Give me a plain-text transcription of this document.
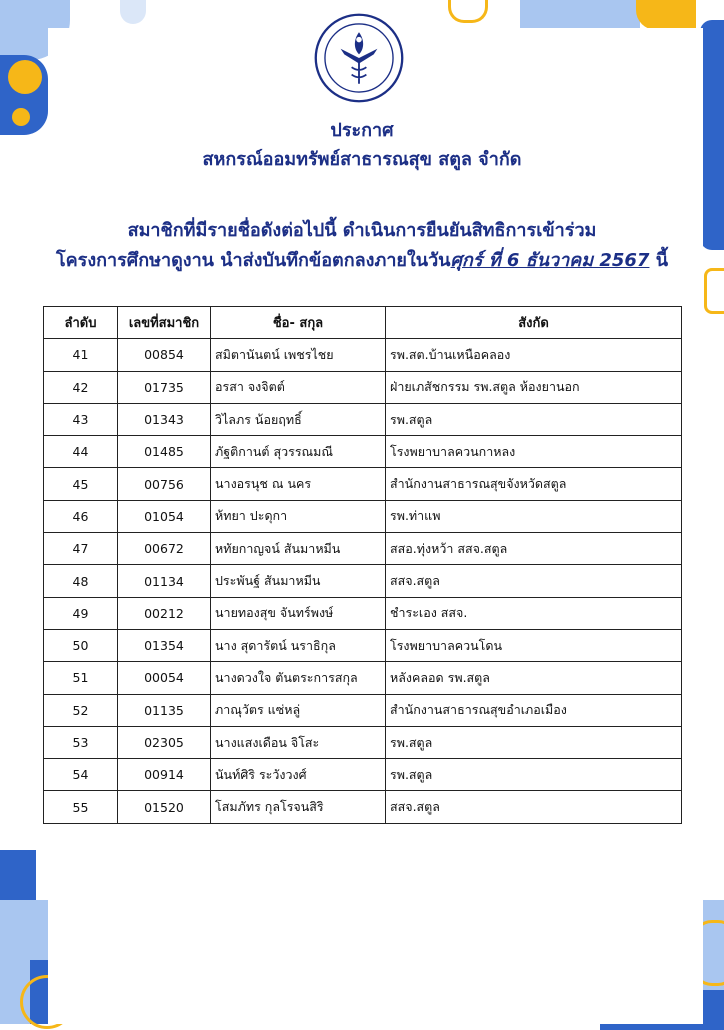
ประกาศ
สหกรณ์ออมทรัพย์สาธารณสุข สตูล จำกัด
สมาชิกที่มีรายชื่อดังต่อไปนี้ ดำเนินการยืนยันสิทธิการเข้าร่วม
โครงการศึกษาดูงาน นำส่งบันทึกข้อตกลงภายในวันศุกร์ ที่ 6 ธันวาคม 2567 นี้
ลำดับ	เลขที่สมาชิก	ชื่อ- สกุล	สังกัด
41	00854	สมิตานันตน์ เพชรไชย	รพ.สต.บ้านเหนือคลอง
42	01735	อรสา จงจิตต์	ฝ่ายเภสัชกรรม รพ.สตูล ห้องยานอก
43	01343	วิไลภร น้อยฤทธิ์	รพ.สตูล
44	01485	ภัฐติกานต์ สุวรรณมณี	โรงพยาบาลควนกาหลง
45	00756	นางอรนุช ณ นคร	สำนักงานสาธารณสุขจังหวัดสตูล
46	01054	ห้ทยา ปะดุกา	รพ.ท่าแพ
47	00672	หทัยกาญจน์ สันมาหมีน	สสอ.ทุ่งหว้า สสจ.สตูล
48	01134	ประพันฐ์ สันมาหมีน	สสจ.สตูล
49	00212	นายทองสุข จันทร์พงษ์	ชำระเอง สสจ.
50	01354	นาง สุดารัตน์ นราธิกุล	โรงพยาบาลควนโดน
51	00054	นางดวงใจ ตันตระการสกุล	หลังคลอด รพ.สตูล
52	01135	ภาณุวัตร แซ่หลู่	สำนักงานสาธารณสุขอำเภอเมือง
53	02305	นางแสงเดือน จิโสะ	รพ.สตูล
54	00914	นันท์ศิริ ระวังวงศ์	รพ.สตูล
55	01520	โสมภัทร กุลโรจนสิริ	สสจ.สตูล
